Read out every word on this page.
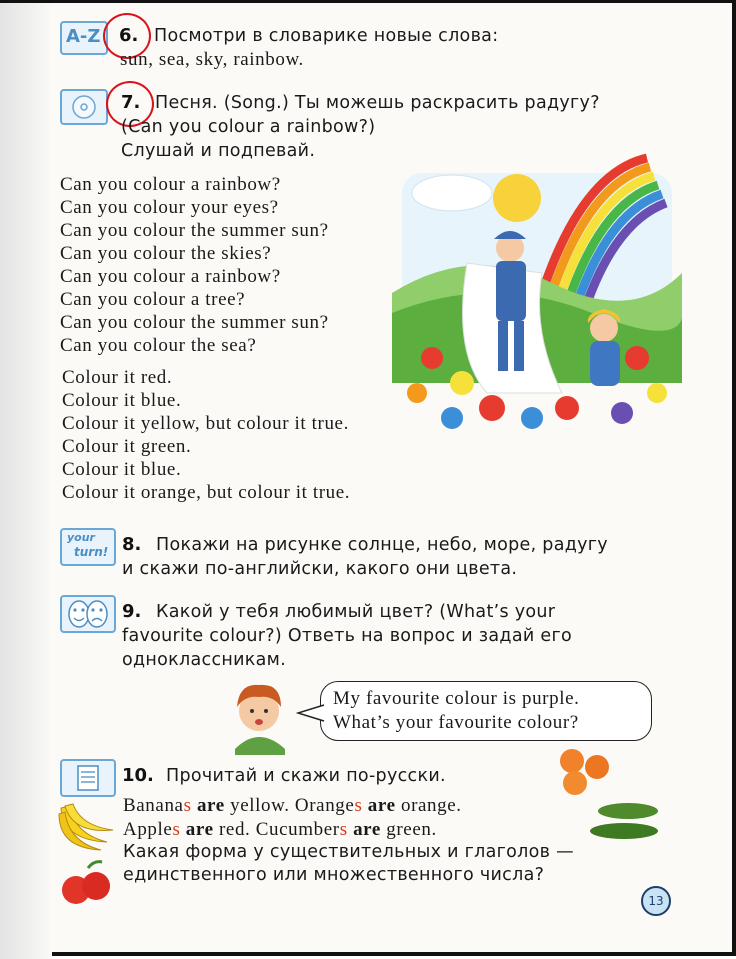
A-Z 6. Посмотри в словарике новые слова:
sun, sea, sky, rainbow.
7. Песня. (Song.) Ты можешь раскрасить радугу?
(Can you colour a rainbow?)
Слушай и подпевай.
Can you colour a rainbow?
Can you colour your eyes?
Can you colour the summer sun?
Can you colour the skies?
Can you colour a rainbow?
Can you colour a tree?
Can you colour the summer sun?
Can you colour the sea?
Colour it red.
Colour it blue.
Colour it yellow, but colour it true.
Colour it green.
Colour it blue.
Colour it orange, but colour it true.
your
turn! 8. Покажи на рисунке солнце, небо, море, радугу
и скажи по-английски, какого они цвета.
9. Какой у тебя любимый цвет? (What’s your
favourite colour?) Ответь на вопрос и задай его
одноклассникам.
My favourite colour is purple.
What’s your favourite colour?
10. Прочитай и скажи по-русски.
Bananas are yellow. Oranges are orange.
Apples are red. Cucumbers are green.
Какая форма у существительных и глаголов —
единственного или множественного числа?
13
